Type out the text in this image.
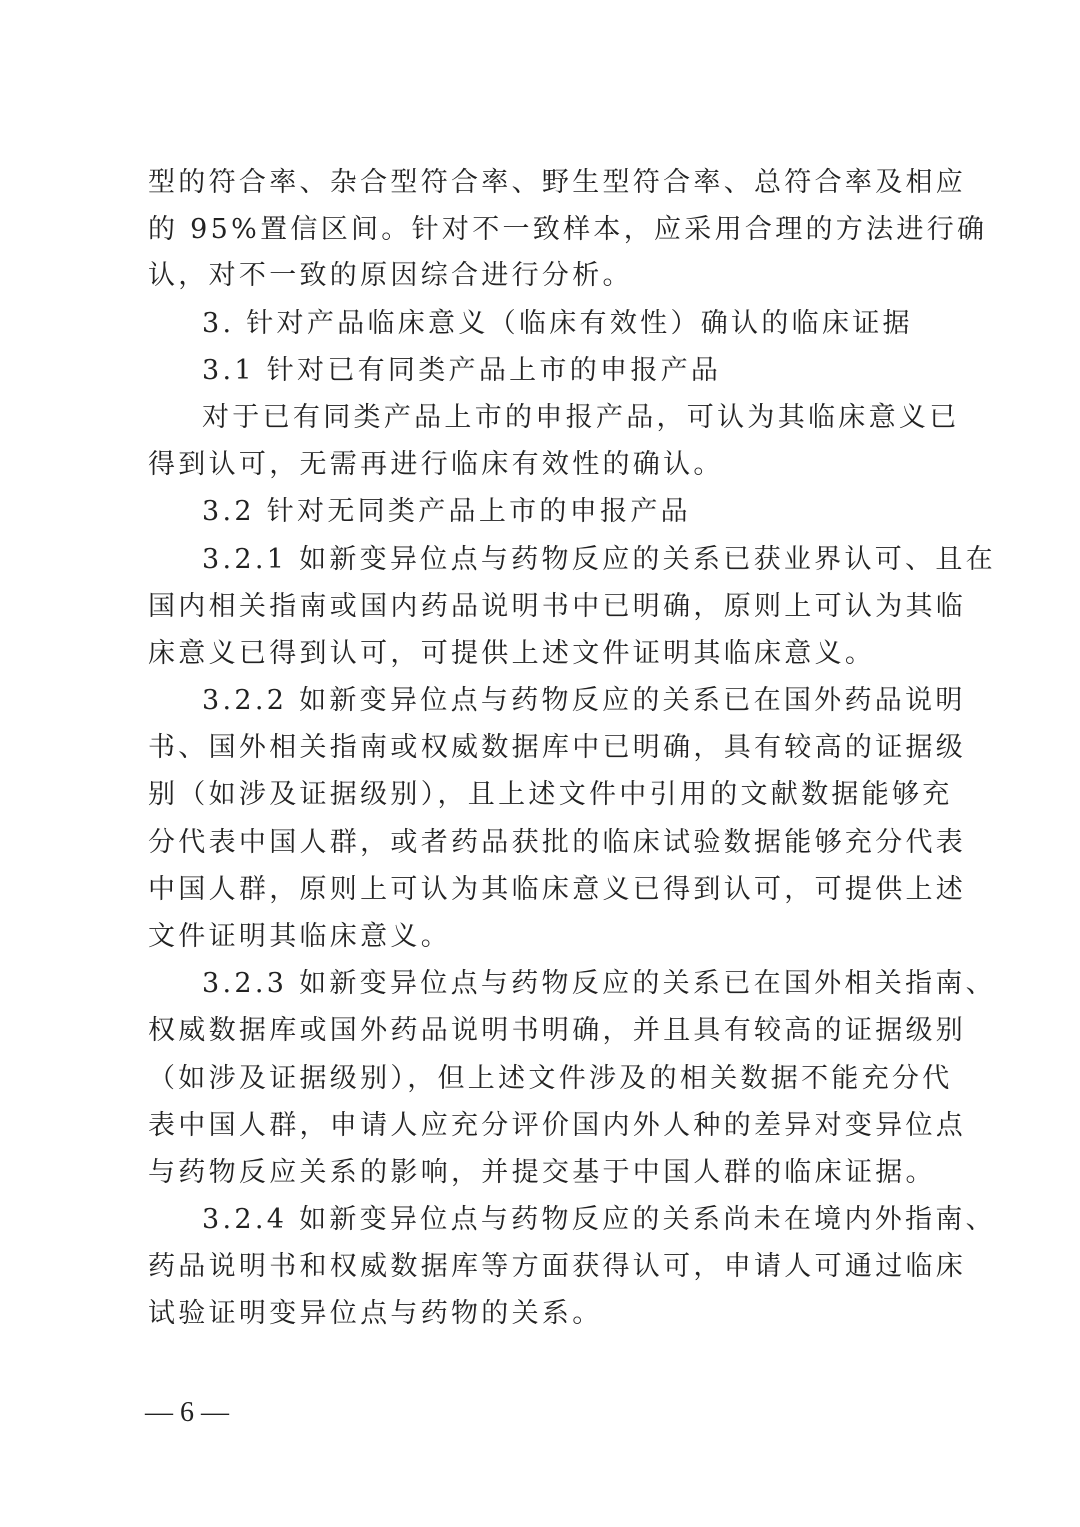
型的符合率、杂合型符合率、野生型符合率、总符合率及相应
的 95%置信区间。针对不一致样本，应采用合理的方法进行确
认，对不一致的原因综合进行分析。
3. 针对产品临床意义（临床有效性）确认的临床证据
3.1 针对已有同类产品上市的申报产品
对于已有同类产品上市的申报产品，可认为其临床意义已
得到认可，无需再进行临床有效性的确认。
3.2 针对无同类产品上市的申报产品
3.2.1 如新变异位点与药物反应的关系已获业界认可、且在
国内相关指南或国内药品说明书中已明确，原则上可认为其临
床意义已得到认可，可提供上述文件证明其临床意义。
3.2.2 如新变异位点与药物反应的关系已在国外药品说明
书、国外相关指南或权威数据库中已明确，具有较高的证据级
别（如涉及证据级别），且上述文件中引用的文献数据能够充
分代表中国人群，或者药品获批的临床试验数据能够充分代表
中国人群，原则上可认为其临床意义已得到认可，可提供上述
文件证明其临床意义。
3.2.3 如新变异位点与药物反应的关系已在国外相关指南、
权威数据库或国外药品说明书明确，并且具有较高的证据级别
（如涉及证据级别），但上述文件涉及的相关数据不能充分代
表中国人群，申请人应充分评价国内外人种的差异对变异位点
与药物反应关系的影响，并提交基于中国人群的临床证据。
3.2.4 如新变异位点与药物反应的关系尚未在境内外指南、
药品说明书和权威数据库等方面获得认可，申请人可通过临床
试验证明变异位点与药物的关系。
— 6 —
